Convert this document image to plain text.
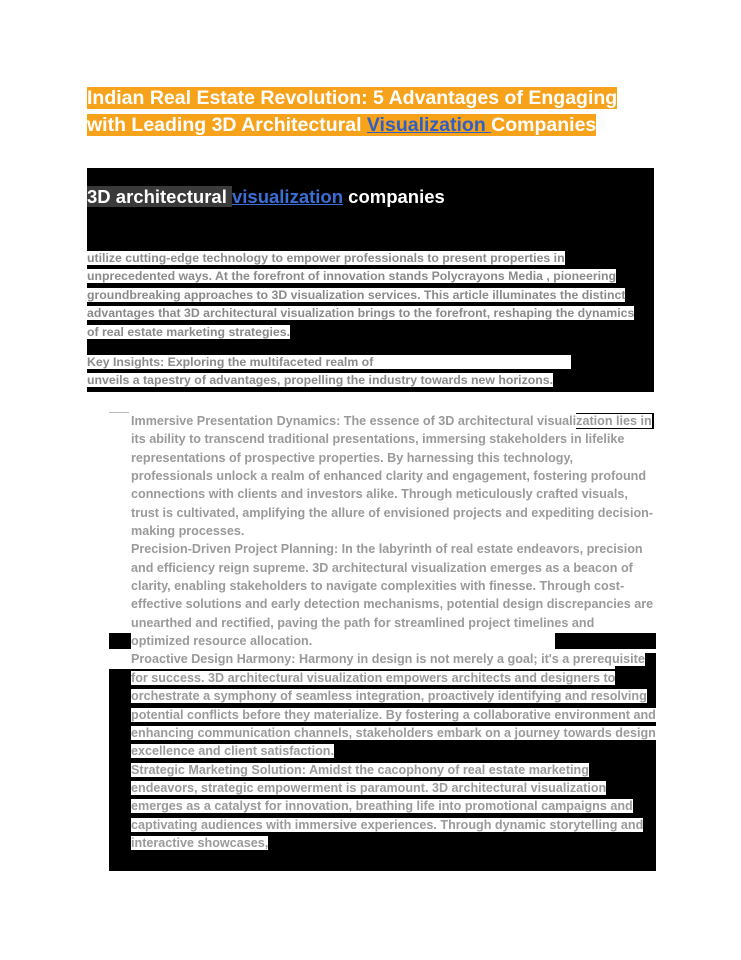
Indian Real Estate Revolution: 5 Advantages of Engaging with Leading 3D Architectural Visualization Companies
3D architectural visualization companies
utilize cutting-edge technology to empower professionals to present properties in unprecedented ways. At the forefront of innovation stands Polycrayons Media , pioneering groundbreaking approaches to 3D visualization services. This article illuminates the distinct advantages that 3D architectural visualization brings to the forefront, reshaping the dynamics of real estate marketing strategies.
Key Insights: Exploring the multifaceted realm of
unveils a tapestry of advantages, propelling the industry towards new horizons.

Immersive Presentation Dynamics: The essence of 3D architectural visualization lies in its ability to transcend traditional presentations, immersing stakeholders in lifelike representations of prospective properties. By harnessing this technology, professionals unlock a realm of enhanced clarity and engagement, fostering profound connections with clients and investors alike. Through meticulously crafted visuals, trust is cultivated, amplifying the allure of envisioned projects and expediting decision-making processes.

Precision-Driven Project Planning: In the labyrinth of real estate endeavors, precision and efficiency reign supreme. 3D architectural visualization emerges as a beacon of clarity, enabling stakeholders to navigate complexities with finesse. Through cost-effective solutions and early detection mechanisms, potential design discrepancies are unearthed and rectified, paving the path for streamlined project timelines and optimized resource allocation.

Proactive Design Harmony: Harmony in design is not merely a goal; it's a prerequisite for success. 3D architectural visualization empowers architects and designers to orchestrate a symphony of seamless integration, proactively identifying and resolving potential conflicts before they materialize. By fostering a collaborative environment and enhancing communication channels, stakeholders embark on a journey towards design excellence and client satisfaction.

Strategic Marketing Solution: Amidst the cacophony of real estate marketing endeavors, strategic empowerment is paramount. 3D architectural visualization emerges as a catalyst for innovation, breathing life into promotional campaigns and captivating audiences with immersive experiences. Through dynamic storytelling and interactive showcases,
